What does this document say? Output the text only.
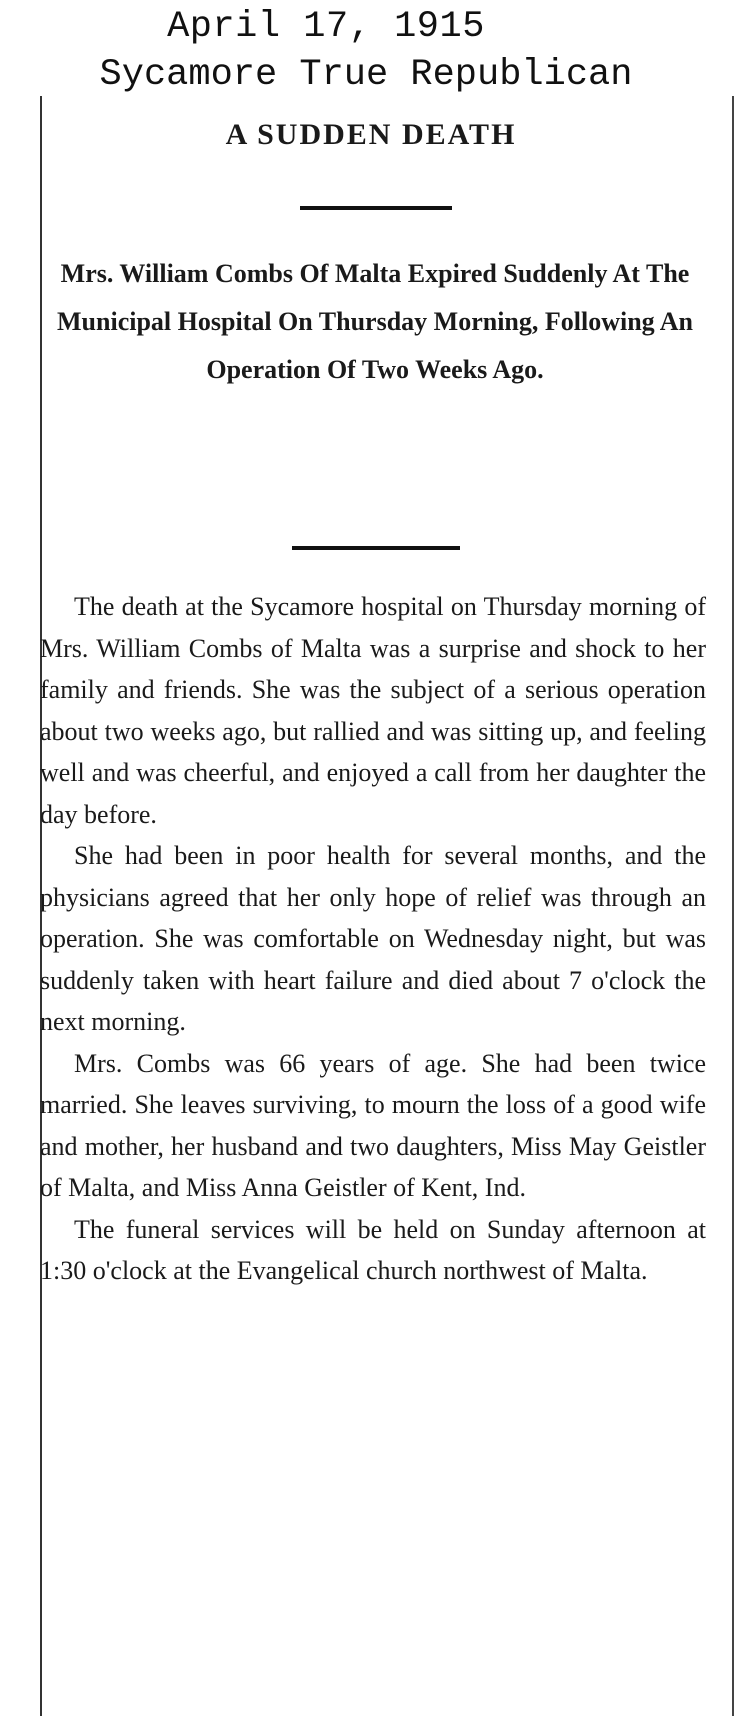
April 17, 1915
Sycamore True Republican
A SUDDEN DEATH
Mrs. William Combs Of Malta Expired Suddenly At The Municipal Hospital On Thursday Morning, Following An Operation Of Two Weeks Ago.

The death at the Sycamore hospital on Thursday morning of Mrs. William Combs of Malta was a surprise and shock to her family and friends. She was the subject of a serious operation about two weeks ago, but rallied and was sitting up, and feeling well and was cheerful, and enjoyed a call from her daughter the day before.

She had been in poor health for several months, and the physicians agreed that her only hope of relief was through an operation. She was comfortable on Wednesday night, but was suddenly taken with heart failure and died about 7 o'clock the next morning.

Mrs. Combs was 66 years of age. She had been twice married. She leaves surviving, to mourn the loss of a good wife and mother, her husband and two daughters, Miss May Geistler of Malta, and Miss Anna Geistler of Kent, Ind.

The funeral services will be held on Sunday afternoon at 1:30 o'clock at the Evangelical church northwest of Malta.
